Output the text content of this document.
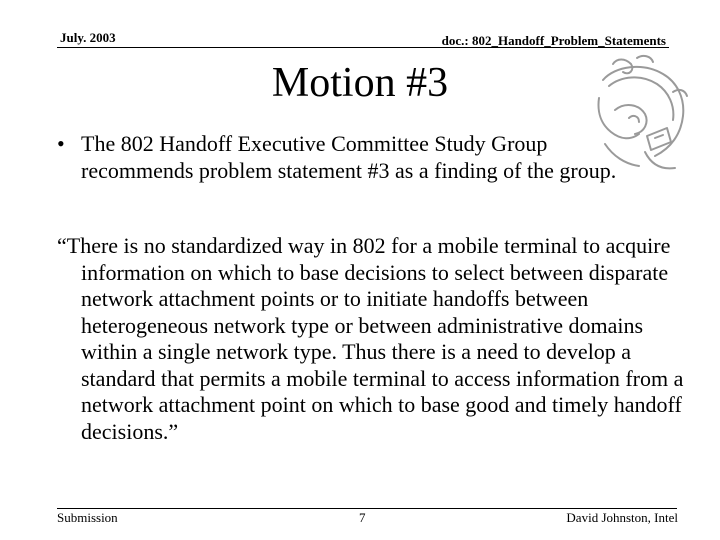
July. 2003	doc.: 802_Handoff_Problem_Statements
Motion #3
• The 802 Handoff Executive Committee Study Group recommends problem statement #3 as a finding of the group.
“There is no standardized way in 802 for a mobile terminal to acquire information on which to base decisions to select between disparate network attachment points or to initiate handoffs between heterogeneous network type or between administrative domains within a single network type. Thus there is a need to develop a standard that permits a mobile terminal to access information from a network attachment point on which to base good and timely handoff decisions.”
Submission	7	David Johnston, Intel
